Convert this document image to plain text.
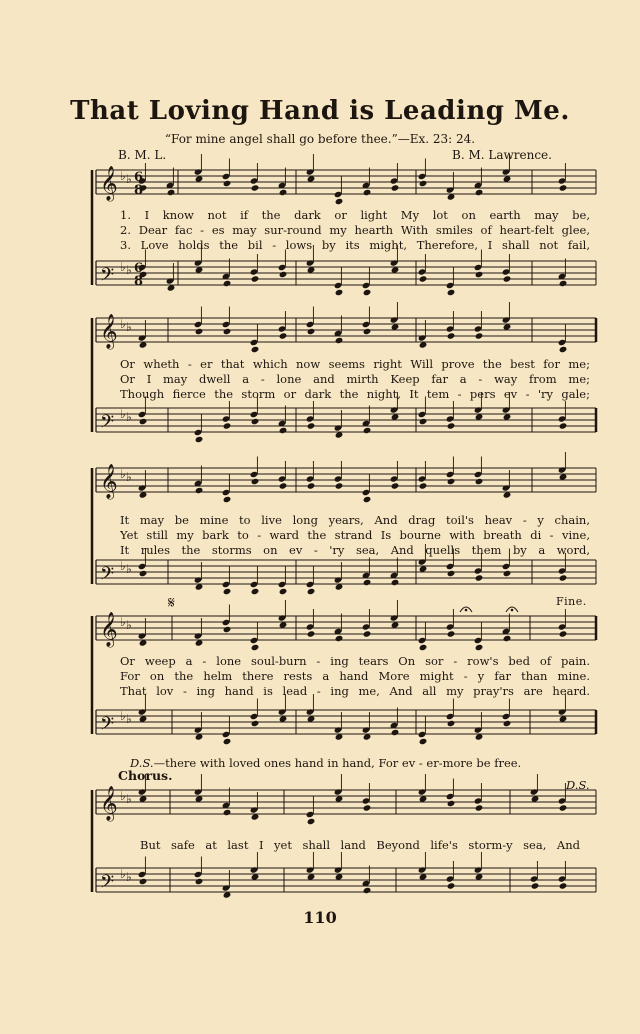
That Loving Hand is Leading Me.
“For mine angel shall go before thee.”—Ex. 23: 24.
B. M. L.	B. M. Lawrence.
𝄞 ♭ ♭
𝄢 ♭ ♭
𝄞 ♭ ♭
𝄢 ♭ ♭
𝄞 ♭ ♭
𝄢 ♭ ♭
𝄞 ♭ ♭
𝄢 ♭ ♭
𝄞 ♭ ♭
𝄢 ♭ ♭
6
8
6
8
𝄋
1. I know not if the dark or light My lot on earth may be,
2. Dear fac - es may sur-round my hearth With smiles of heart-felt glee,
3. Love holds the bil - lows by its might, Therefore, I shall not fail,
Or wheth - er that which now seems right Will prove the best for me;
Or I may dwell a - lone and mirth Keep far a - way from me;
Though fierce the storm or dark the night, It tem - pers ev - 'ry gale;
It may be mine to live long years, And drag toil's heav - y chain,
Yet still my bark to - ward the strand Is bourne with breath di - vine,
It rules the storms on ev - 'ry sea, And quells them by a word,
Or weep a - lone soul-burn - ing tears On sor - row's bed of pain.
For on the helm there rests a hand More might - y far than mine.
That lov - ing hand is lead - ing me, And all my pray'rs are heard.
Fine.
D.S.—there with loved ones hand in hand, For ev - er-more be free.
Chorus.
D.S.
But safe at last I yet shall land Beyond life's storm-y sea, And
110
